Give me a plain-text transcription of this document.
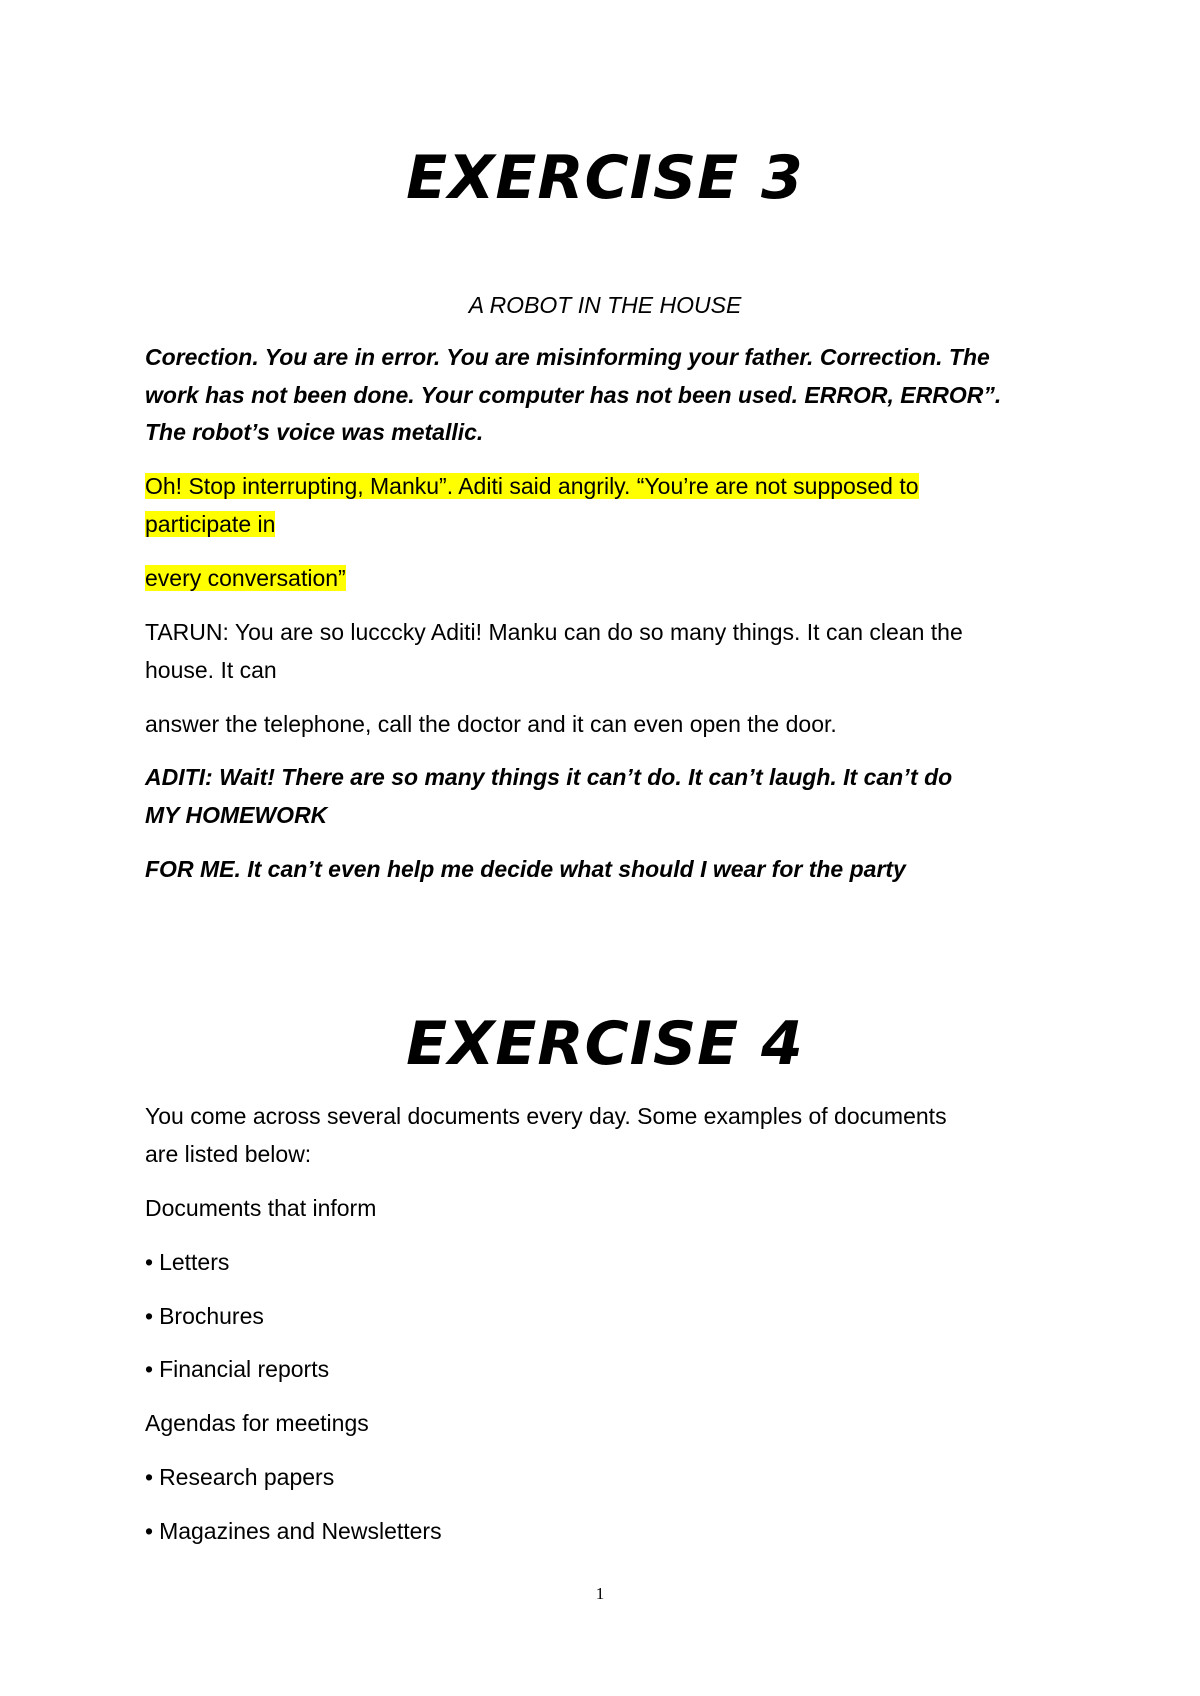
EXERCISE 3
A ROBOT IN THE HOUSE

Corection. You are in error. You are misinforming your father. Correction. The
work has not been done. Your computer has not been used. ERROR, ERROR”.
The robot’s voice was metallic.

Oh! Stop interrupting, Manku”. Aditi said angrily. “You’re are not supposed to
participate in

every conversation”

TARUN: You are so lucccky Aditi! Manku can do so many things. It can clean the
house. It can

answer the telephone, call the doctor and it can even open the door.

ADITI: Wait! There are so many things it can’t do. It can’t laugh. It can’t do
MY HOMEWORK

FOR ME. It can’t even help me decide what should I wear for the party

EXERCISE 4

You come across several documents every day. Some examples of documents
are listed below:

Documents that inform

• Letters

• Brochures

• Financial reports

Agendas for meetings

• Research papers

• Magazines and Newsletters

1
